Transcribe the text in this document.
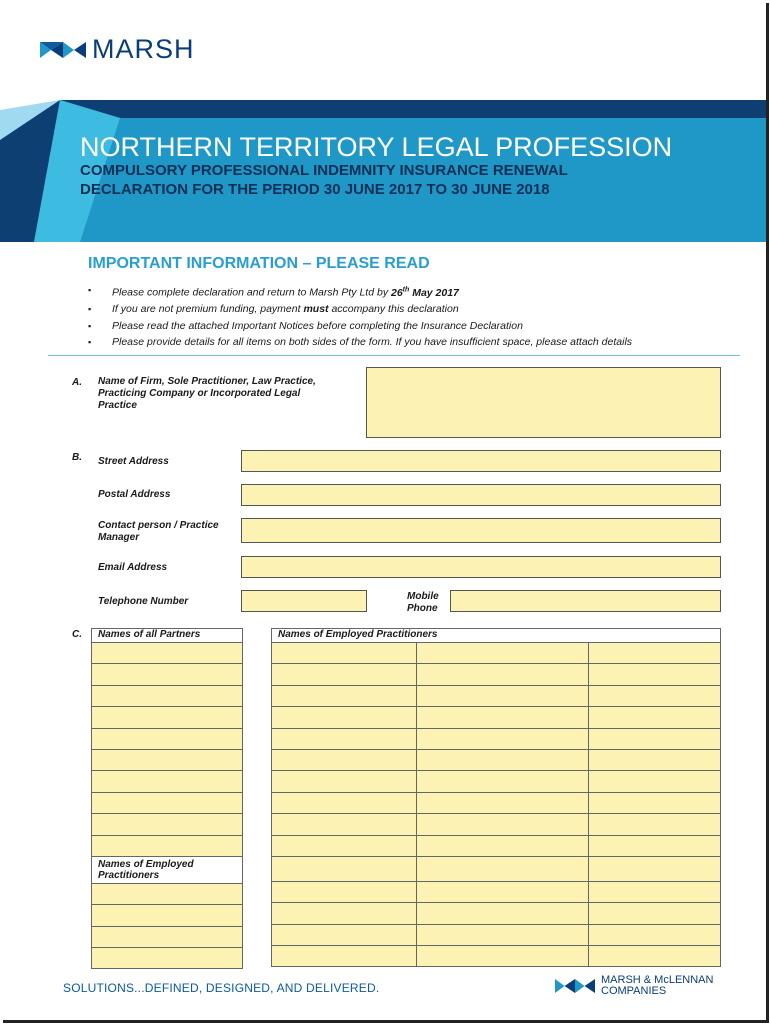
MARSH
NORTHERN TERRITORY LEGAL PROFESSION
COMPULSORY PROFESSIONAL INDEMNITY INSURANCE RENEWAL
DECLARATION FOR THE PERIOD 30 JUNE 2017 TO 30 JUNE 2018
IMPORTANT INFORMATION – PLEASE READ
▪ Please complete declaration and return to Marsh Pty Ltd by 26th May 2017
▪ If you are not premium funding, payment must accompany this declaration
▪ Please read the attached Important Notices before completing the Insurance Declaration
▪ Please provide details for all items on both sides of the form. If you have insufficient space, please attach details
A. Name of Firm, Sole Practitioner, Law Practice,
Practicing Company or Incorporated Legal
Practice
B. Street Address
Postal Address
Contact person / Practice
Manager
Email Address
Telephone Number	Mobile
Phone
C. Names of all Partners

Names of Employed
Practitioners

Names of Employed Practitioners		

SOLUTIONS...DEFINED, DESIGNED, AND DELIVERED.
MARSH & McLENNAN
COMPANIES
